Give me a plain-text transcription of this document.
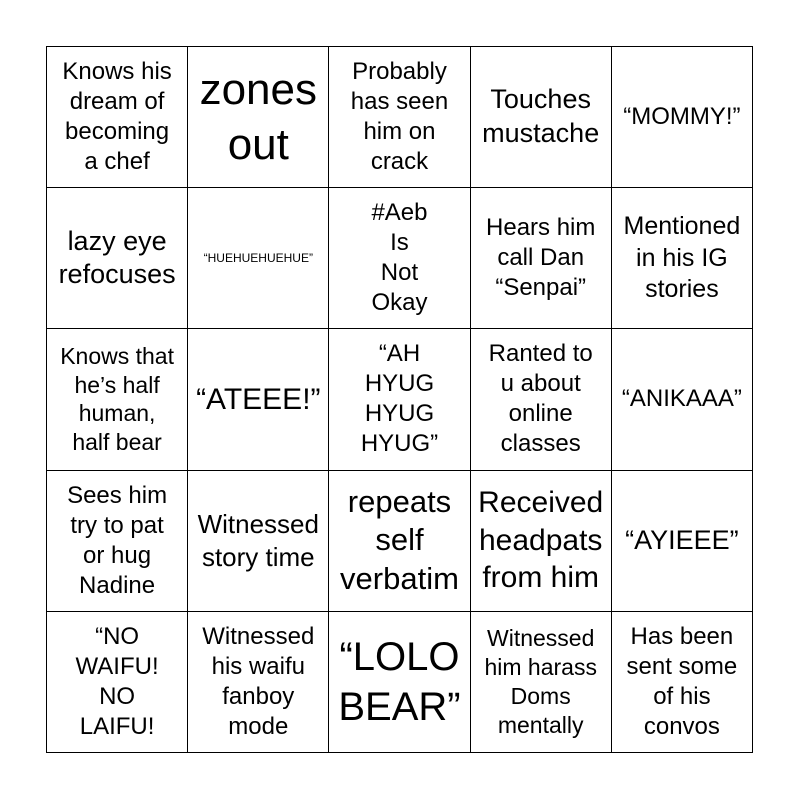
Knows his
dream of
becoming
a chef
zones
out
Probably
has seen
him on
crack
Touches
mustache
“MOMMY!”
lazy eye
refocuses
“HUEHUEHUEHUE”
#Aeb
Is
Not
Okay
Hears him
call Dan
“Senpai”
Mentioned
in his IG
stories
Knows that
he’s half
human,
half bear
“ATEEE!”
“AH
HYUG
HYUG
HYUG”
Ranted to
u about
online
classes
“ANIKAAA”
Sees him
try to pat
or hug
Nadine
Witnessed
story time
repeats
self
verbatim
Received
headpats
from him
“AYIEEE”
“NO
WAIFU!
NO
LAIFU!
Witnessed
his waifu
fanboy
mode
“LOLO
BEAR”
Witnessed
him harass
Doms
mentally
Has been
sent some
of his
convos
